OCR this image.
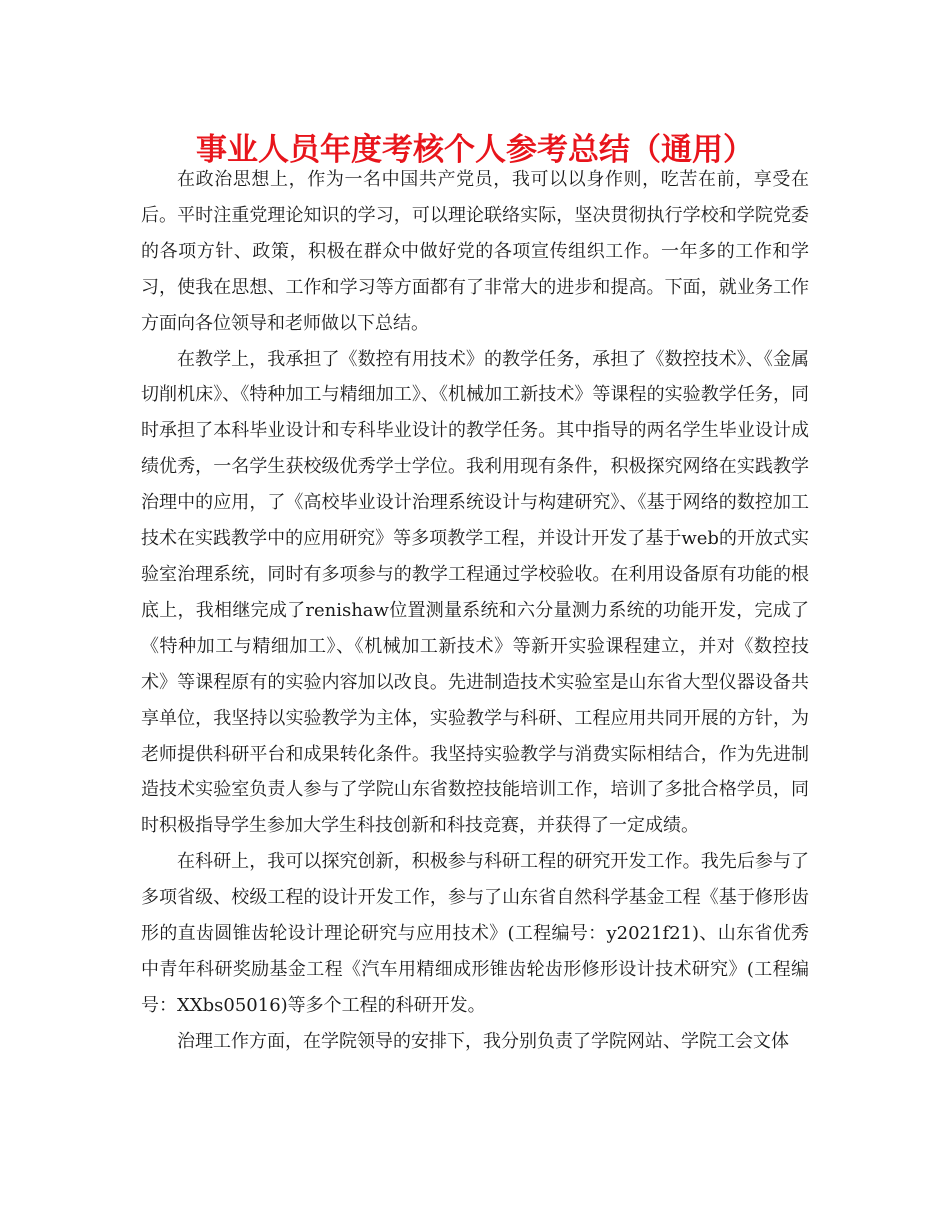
事业人员年度考核个人参考总结（通用）

在政治思想上，作为一名中国共产党员，我可以以身作则，吃苦在前，享受在后。平时注重党理论知识的学习，可以理论联络实际，坚决贯彻执行学校和学院党委的各项方针、政策，积极在群众中做好党的各项宣传组织工作。一年多的工作和学习，使我在思想、工作和学习等方面都有了非常大的进步和提高。下面，就业务工作方面向各位领导和老师做以下总结。

在教学上，我承担了《数控有用技术》的教学任务，承担了《数控技术》、《金属切削机床》、《特种加工与精细加工》、《机械加工新技术》等课程的实验教学任务，同时承担了本科毕业设计和专科毕业设计的教学任务。其中指导的两名学生毕业设计成绩优秀，一名学生获校级优秀学士学位。我利用现有条件，积极探究网络在实践教学治理中的应用，了《高校毕业设计治理系统设计与构建研究》、《基于网络的数控加工技术在实践教学中的应用研究》等多项教学工程，并设计开发了基于web的开放式实验室治理系统，同时有多项参与的教学工程通过学校验收。在利用设备原有功能的根底上，我相继完成了renishaw位置测量系统和六分量测力系统的功能开发，完成了《特种加工与精细加工》、《机械加工新技术》等新开实验课程建立，并对《数控技术》等课程原有的实验内容加以改良。先进制造技术实验室是山东省大型仪器设备共享单位，我坚持以实验教学为主体，实验教学与科研、工程应用共同开展的方针，为老师提供科研平台和成果转化条件。我坚持实验教学与消费实际相结合，作为先进制造技术实验室负责人参与了学院山东省数控技能培训工作，培训了多批合格学员，同时积极指导学生参加大学生科技创新和科技竞赛，并获得了一定成绩。

在科研上，我可以探究创新，积极参与科研工程的研究开发工作。我先后参与了多项省级、校级工程的设计开发工作，参与了山东省自然科学基金工程《基于修形齿形的直齿圆锥齿轮设计理论研究与应用技术》(工程编号：y2021f21)、山东省优秀中青年科研奖励基金工程《汽车用精细成形锥齿轮齿形修形设计技术研究》(工程编号：XXbs05016)等多个工程的科研开发。

治理工作方面，在学院领导的安排下，我分别负责了学院网站、学院工会文体
